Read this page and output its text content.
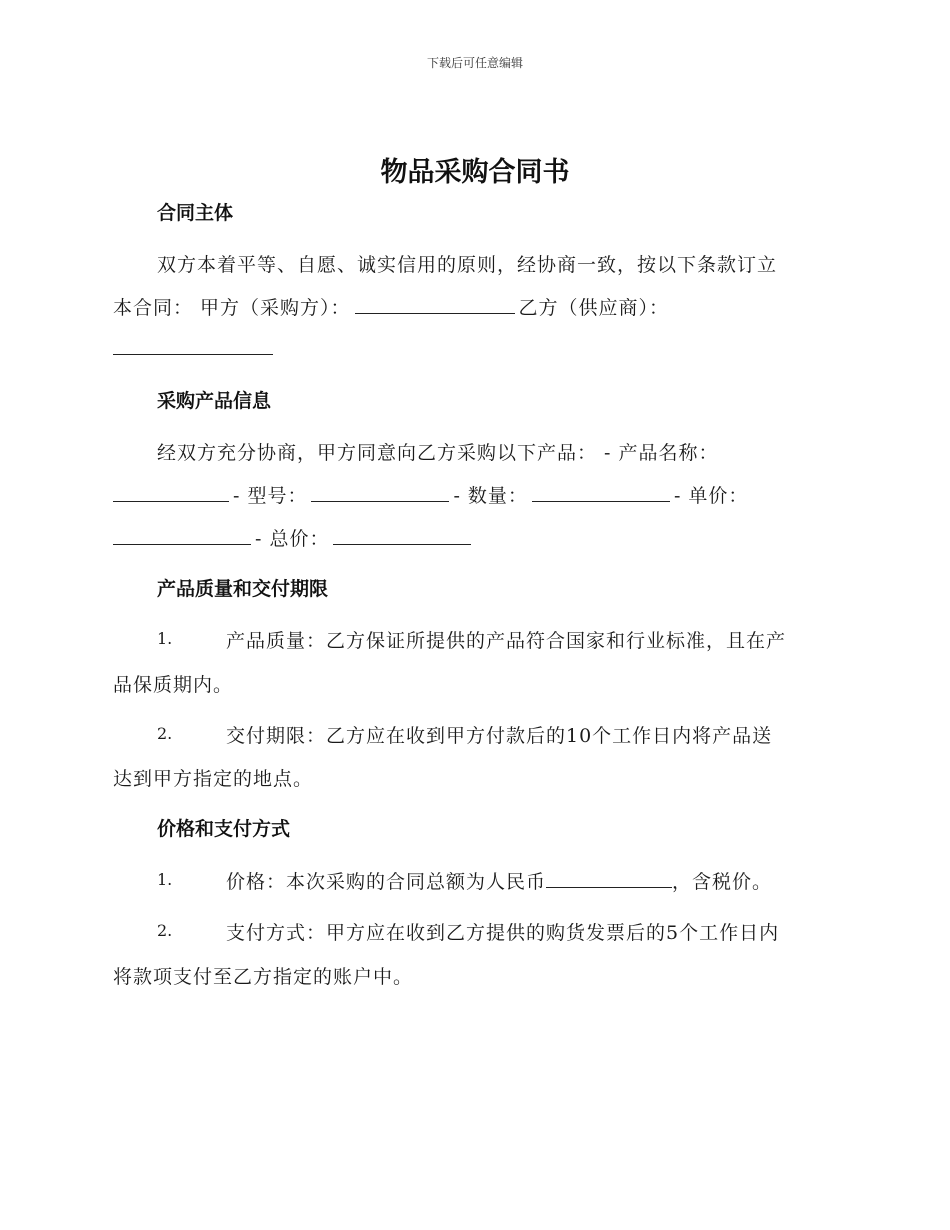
下载后可任意编辑
物品采购合同书
合同主体
双方本着平等、自愿、诚实信用的原则，经协商一致，按以下条款订立
本合同： 甲方（采购方）：	乙方（供应商）：
采购产品信息
经双方充分协商，甲方同意向乙方采购以下产品： - 产品名称：
- 型号：	- 数量：	- 单价：
- 总价：
产品质量和交付期限
1.	产品质量：乙方保证所提供的产品符合国家和行业标准，且在产
品保质期内。
2.	交付期限：乙方应在收到甲方付款后的10个工作日内将产品送
达到甲方指定的地点。
价格和支付方式
1.	价格：本次采购的合同总额为人民币	，含税价。
2.	支付方式：甲方应在收到乙方提供的购货发票后的5个工作日内
将款项支付至乙方指定的账户中。
